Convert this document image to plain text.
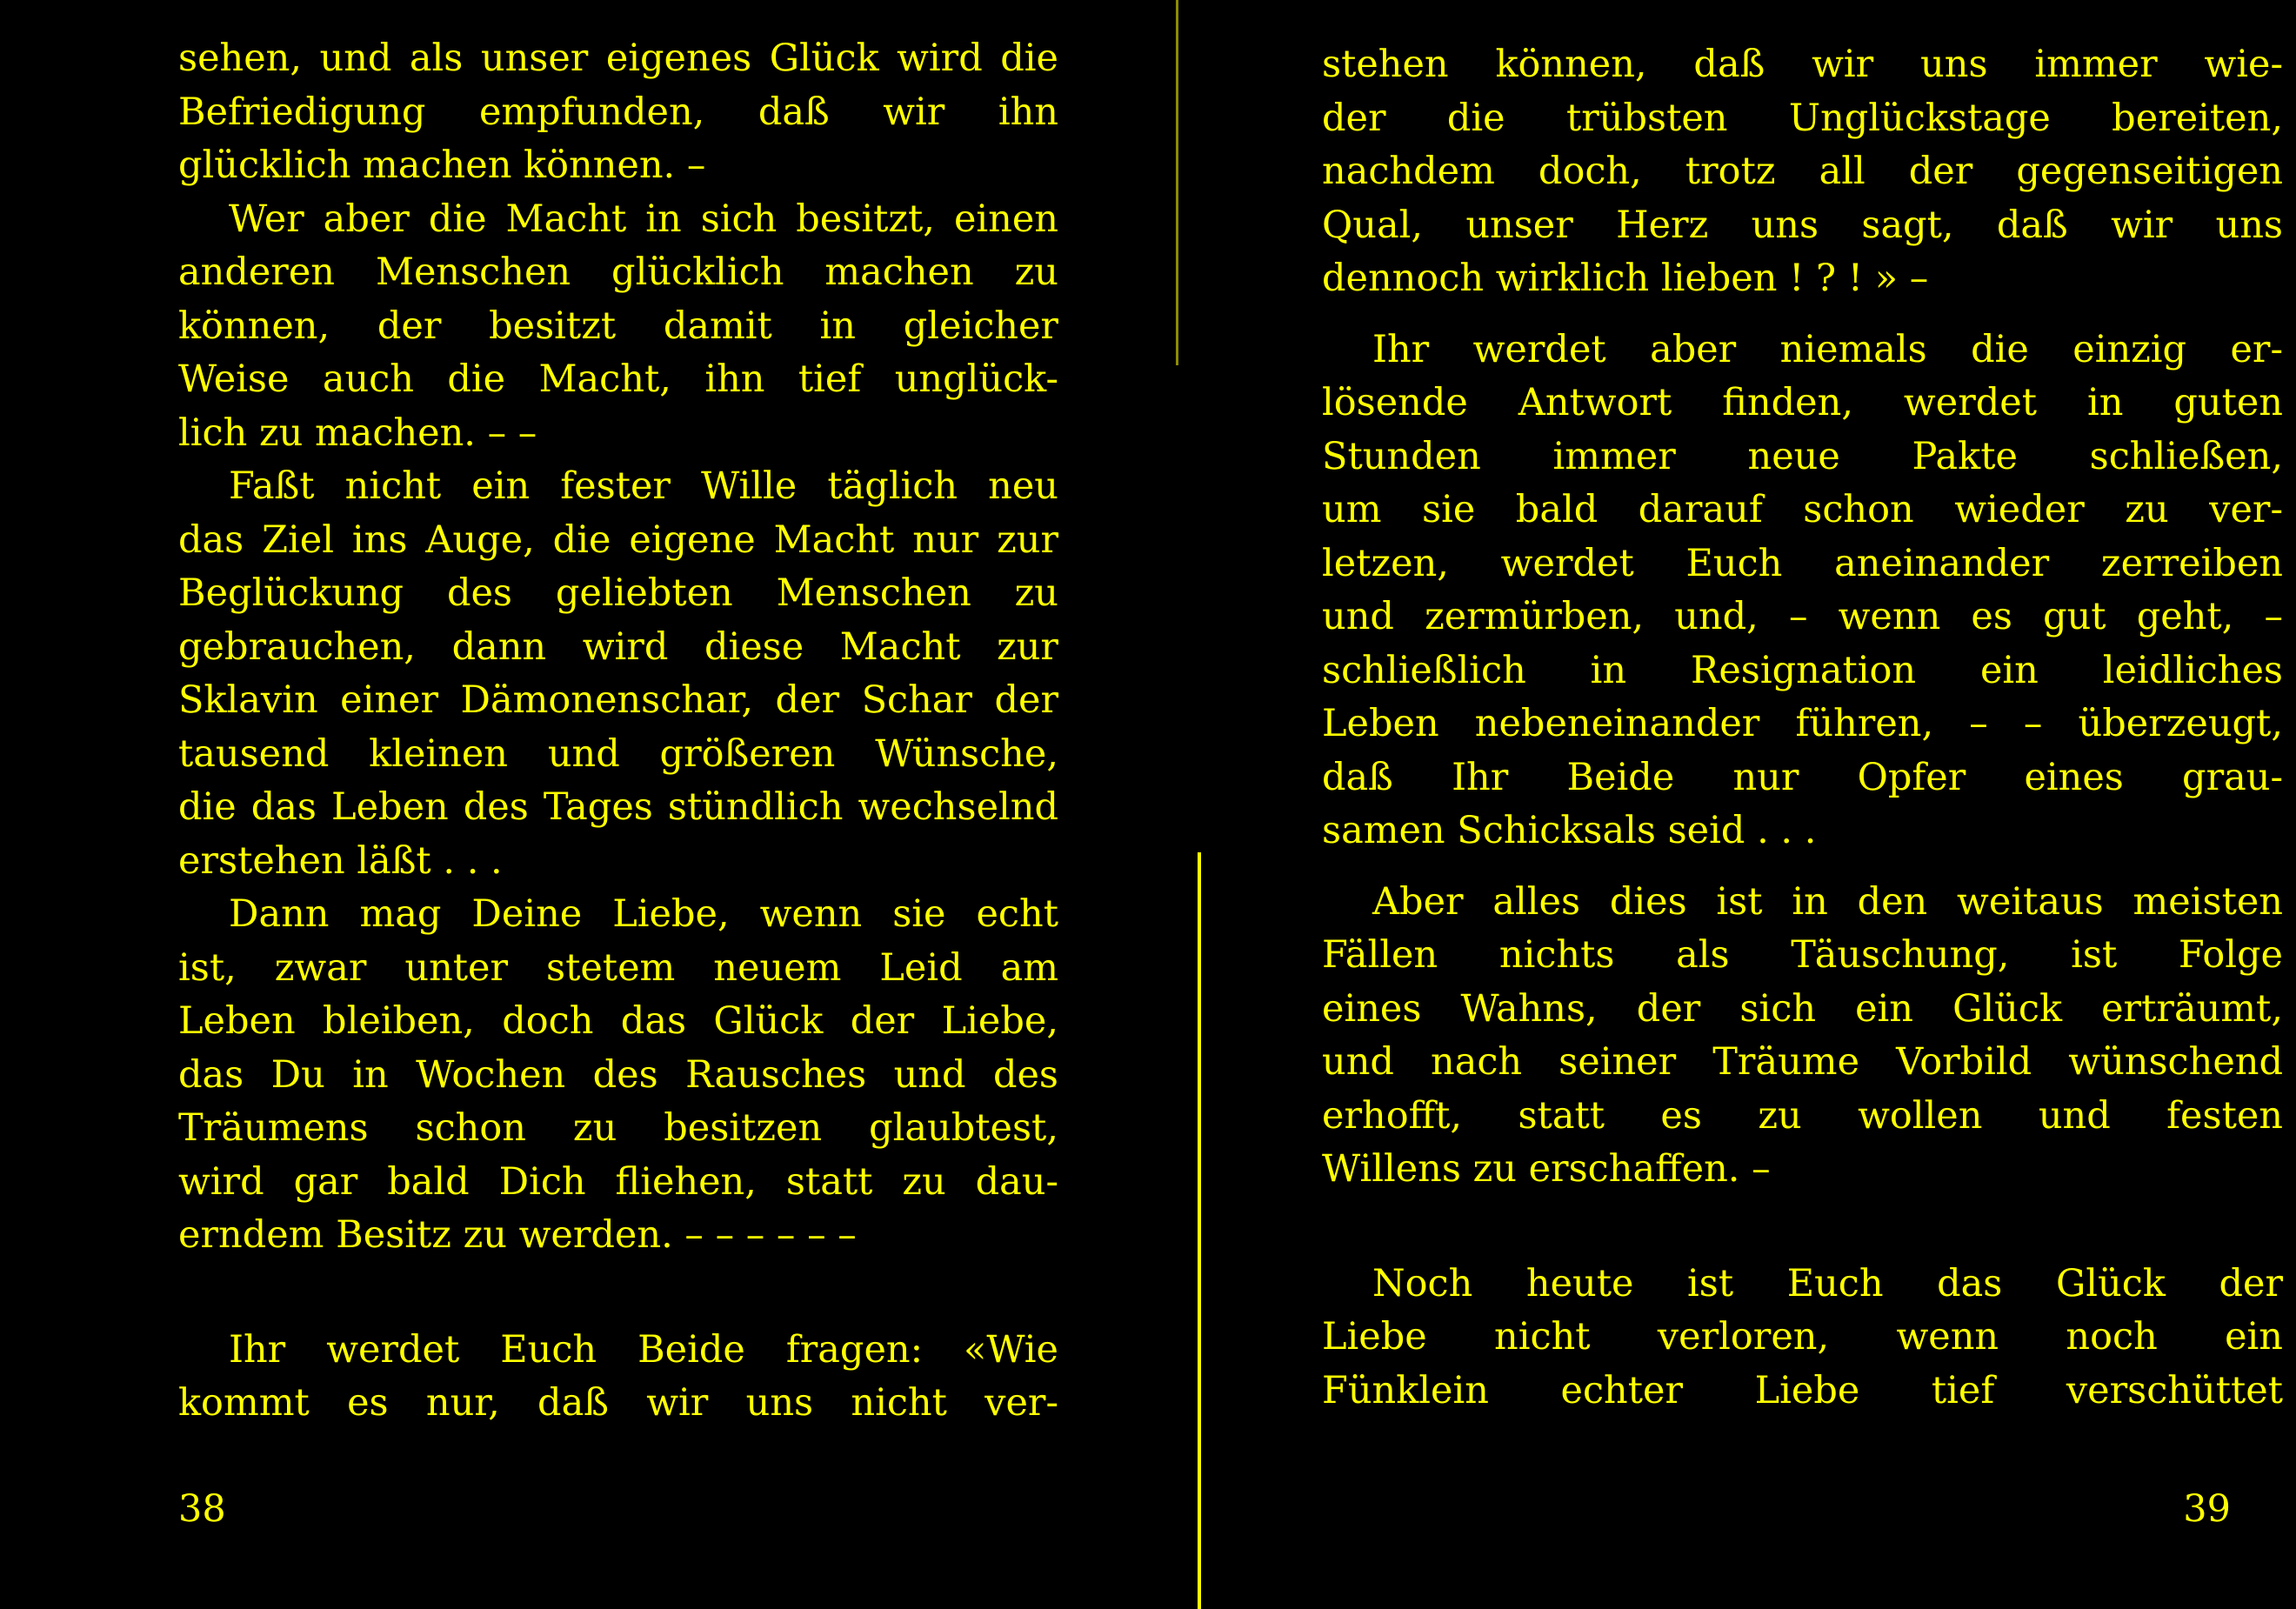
sehen, und als unser eigenes Glück wird die
Befriedigung empfunden, daß wir ihn
glücklich machen können. –
Wer aber die Macht in sich besitzt, einen
anderen Menschen glücklich machen zu
können, der besitzt damit in gleicher
Weise auch die Macht, ihn tief unglück-
lich zu machen. – –
Faßt nicht ein fester Wille täglich neu
das Ziel ins Auge, die eigene Macht nur zur
Beglückung des geliebten Menschen zu
gebrauchen, dann wird diese Macht zur
Sklavin einer Dämonenschar, der Schar der
tausend kleinen und größeren Wünsche,
die das Leben des Tages stündlich wechselnd
erstehen läßt . . .
Dann mag Deine Liebe, wenn sie echt
ist, zwar unter stetem neuem Leid am
Leben bleiben, doch das Glück der Liebe,
das Du in Wochen des Rausches und des
Träumens schon zu besitzen glaubtest,
wird gar bald Dich fliehen, statt zu dau-
erndem Besitz zu werden. – – – – – –
Ihr werdet Euch Beide fragen: «Wie
kommt es nur, daß wir uns nicht ver-
38
stehen können, daß wir uns immer wie-
der die trübsten Unglückstage bereiten,
nachdem doch, trotz all der gegenseitigen
Qual, unser Herz uns sagt, daß wir uns
dennoch wirklich lieben ! ? ! » –
Ihr werdet aber niemals die einzig er-
lösende Antwort finden, werdet in guten
Stunden immer neue Pakte schließen,
um sie bald darauf schon wieder zu ver-
letzen, werdet Euch aneinander zerreiben
und zermürben, und, – wenn es gut geht, –
schließlich in Resignation ein leidliches
Leben nebeneinander führen, – – überzeugt,
daß Ihr Beide nur Opfer eines grau-
samen Schicksals seid . . .
Aber alles dies ist in den weitaus meisten
Fällen nichts als Täuschung, ist Folge
eines Wahns, der sich ein Glück erträumt,
und nach seiner Träume Vorbild wünschend
erhofft, statt es zu wollen und festen
Willens zu erschaffen. –
Noch heute ist Euch das Glück der
Liebe nicht verloren, wenn noch ein
Fünklein echter Liebe tief verschüttet
39
